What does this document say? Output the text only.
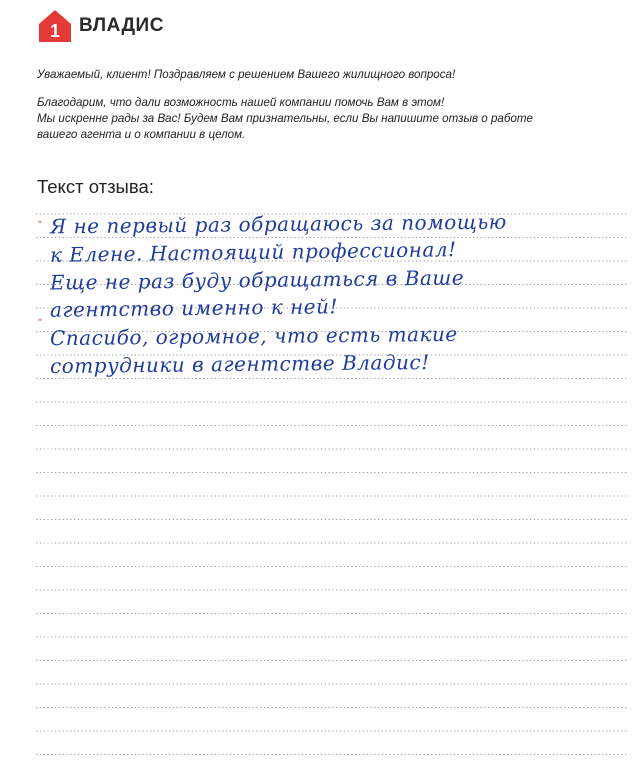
1 ВЛАДИС
Уважаемый, клиент! Поздравляем с решением Вашего жилищного вопроса!
Благодарим, что дали возможность нашей компании помочь Вам в этом!
Мы искренне рады за Вас! Будем Вам признательны, если Вы напишите отзыв о работе
вашего агента и о компании в целом.
Текст отзыва:
ʹʹ
ʹʹ
Я не первый раз обращаюсь за помощью
к Елене. Настоящий профессионал!
Еще не раз буду обращаться в Ваше
агентство именно к ней!
Спасибо, огромное, что есть такие
сотрудники в агентстве Владис!
